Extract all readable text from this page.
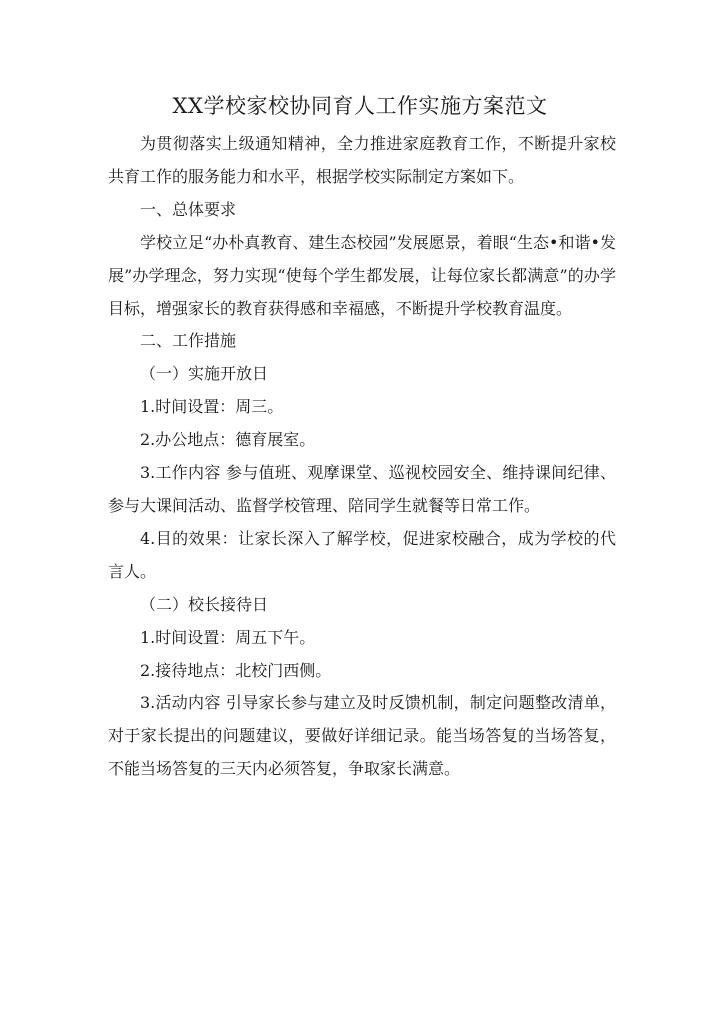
XX学校家校协同育人工作实施方案范文

为贯彻落实上级通知精神，全力推进家庭教育工作，不断提升家校共育工作的服务能力和水平，根据学校实际制定方案如下。

一、总体要求

学校立足“办朴真教育、建生态校园”发展愿景，着眼“生态•和谐•发展”办学理念，努力实现“使每个学生都发展，让每位家长都满意”的办学目标，增强家长的教育获得感和幸福感，不断提升学校教育温度。

二、工作措施

（一）实施开放日

1.时间设置：周三。

2.办公地点：德育展室。

3.工作内容 参与值班、观摩课堂、巡视校园安全、维持课间纪律、参与大课间活动、监督学校管理、陪同学生就餐等日常工作。

4.目的效果：让家长深入了解学校，促进家校融合，成为学校的代言人。

（二）校长接待日

1.时间设置：周五下午。

2.接待地点：北校门西侧。

3.活动内容 引导家长参与建立及时反馈机制，制定问题整改清单，对于家长提出的问题建议，要做好详细记录。能当场答复的当场答复，不能当场答复的三天内必须答复，争取家长满意。
